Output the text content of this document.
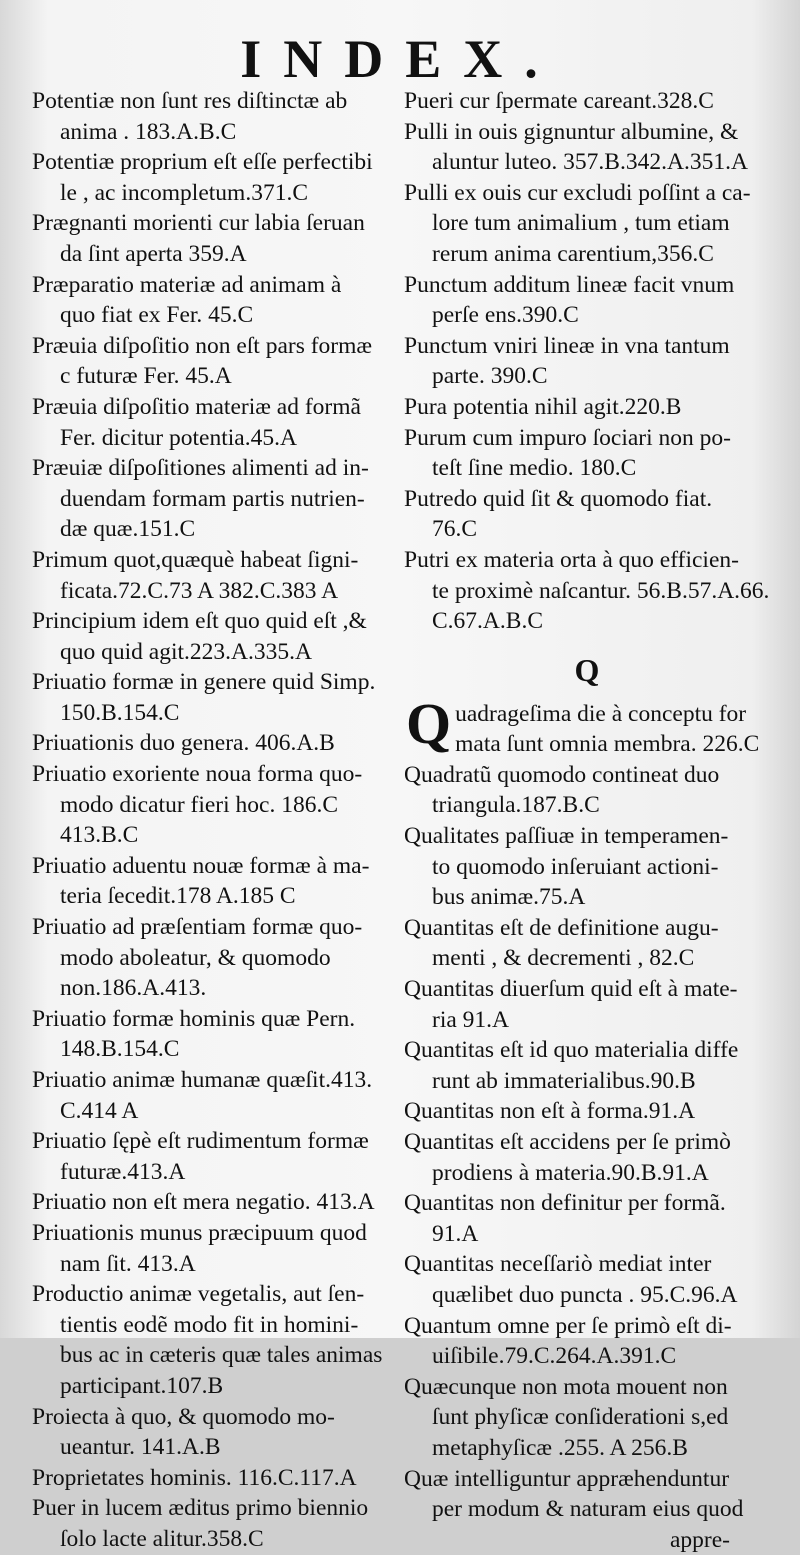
INDEX.
Potentiæ non ſunt res diſtinctæ ab
anima . 183.A.B.C
Potentiæ proprium eſt eſſe perfectibi
le , ac incompletum.371.C
Prægnanti morienti cur labia ſeruan
da ſint aperta 359.A
Præparatio materiæ ad animam à
quo fiat ex Fer. 45.C
Præuia diſpoſitio non eſt pars formæ
c futuræ Fer. 45.A
Præuia diſpoſitio materiæ ad formã
Fer. dicitur potentia.45.A
Præuiæ diſpoſitiones alimenti ad in-
duendam formam partis nutrien-
dæ quæ.151.C
Primum quot,quæquè habeat ſigni-
ficata.72.C.73 A 382.C.383 A
Principium idem eſt quo quid eſt ,&
quo quid agit.223.A.335.A
Priuatio formæ in genere quid Simp.
150.B.154.C
Priuationis duo genera. 406.A.B
Priuatio exoriente noua forma quo-
modo dicatur fieri hoc. 186.C
413.B.C
Priuatio aduentu nouæ formæ à ma-
teria ſecedit.178 A.185 C
Priuatio ad præſentiam formæ quo-
modo aboleatur, & quomodo
non.186.A.413.
Priuatio formæ hominis quæ Pern.
148.B.154.C
Priuatio animæ humanæ quæſit.413.
C.414 A
Priuatio ſępè eſt rudimentum formæ
futuræ.413.A
Priuatio non eſt mera negatio. 413.A
Priuationis munus præcipuum quod
nam ſit. 413.A
Productio animæ vegetalis, aut ſen-
tientis eodẽ modo fit in homini-
bus ac in cæteris quæ tales animas
participant.107.B
Proiecta à quo, & quomodo mo-
ueantur. 141.A.B
Proprietates hominis. 116.C.117.A
Puer in lucem æditus primo biennio
ſolo lacte alitur.358.C
Pueri cur ſpermate careant.328.C
Pulli in ouis gignuntur albumine, &
aluntur luteo. 357.B.342.A.351.A
Pulli ex ouis cur excludi poſſint a ca-
lore tum animalium , tum etiam
rerum anima carentium,356.C
Punctum additum lineæ facit vnum
perſe ens.390.C
Punctum vniri lineæ in vna tantum
parte. 390.C
Pura potentia nihil agit.220.B
Purum cum impuro ſociari non po-
teſt ſine medio. 180.C
Putredo quid ſit & quomodo fiat.
76.C
Putri ex materia orta à quo efficien-
te proximè naſcantur. 56.B.57.A.66.
C.67.A.B.C
Q
Q uadrageſima die à conceptu for
mata ſunt omnia membra. 226.C
Quadratũ quomodo contineat duo
triangula.187.B.C
Qualitates paſſiuæ in temperamen-
to quomodo inſeruiant actioni-
bus animæ.75.A
Quantitas eſt de definitione augu-
menti , & decrementi , 82.C
Quantitas diuerſum quid eſt à mate-
ria 91.A
Quantitas eſt id quo materialia diffe
runt ab immaterialibus.90.B
Quantitas non eſt à forma.91.A
Quantitas eſt accidens per ſe primò
prodiens à materia.90.B.91.A
Quantitas non definitur per formã.
91.A
Quantitas neceſſariò mediat inter
quælibet duo puncta . 95.C.96.A
Quantum omne per ſe primò eſt di-
uiſibile.79.C.264.A.391.C
Quæcunque non mota mouent non
ſunt phyſicæ conſiderationi s,ed
metaphyſicæ .255. A 256.B
Quæ intelliguntur appræhenduntur
per modum & naturam eius quod
appre-
